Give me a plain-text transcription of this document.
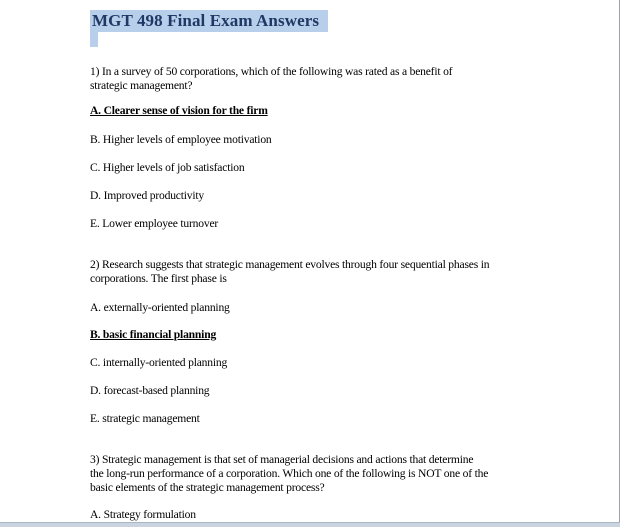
MGT 498 Final Exam Answers
1) In a survey of 50 corporations, which of the following was rated as a benefit of
strategic management?
A. Clearer sense of vision for the firm
B. Higher levels of employee motivation
C. Higher levels of job satisfaction
D. Improved productivity
E. Lower employee turnover
2) Research suggests that strategic management evolves through four sequential phases in
corporations. The first phase is
A. externally-oriented planning
B. basic financial planning
C. internally-oriented planning
D. forecast-based planning
E. strategic management
3) Strategic management is that set of managerial decisions and actions that determine
the long-run performance of a corporation. Which one of the following is NOT one of the
basic elements of the strategic management process?
A. Strategy formulation
